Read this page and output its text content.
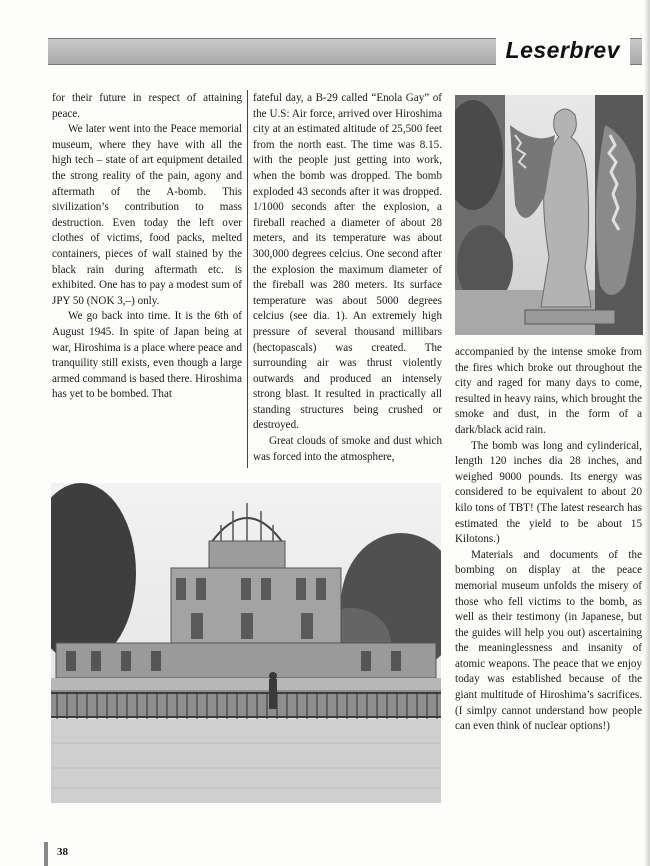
Leserbrev

for their future in respect of attaining peace.

We later went into the Peace memorial museum, where they have with all the high tech – state of art equipment detailed the strong reality of the pain, agony and aftermath of the A-bomb. This sivilization’s contribution to mass destruction. Even today the left over clothes of victims, food packs, melted containers, pieces of wall stained by the black rain during aftermath etc. is exhibited. One has to pay a modest sum of JPY 50 (NOK 3,–) only.

We go back into time. It is the 6th of August 1945. In spite of Japan being at war, Hiroshima is a place where peace and tranquility still exists, even though a large armed command is based there. Hiroshima has yet to be bombed. That

fateful day, a B-29 called “Enola Gay” of the U.S: Air force, arrived over Hiroshima city at an estimated altitude of 25,500 feet from the north east. The time was 8.15. with the people just getting into work, when the bomb was dropped. The bomb exploded 43 seconds after it was dropped. 1/1000 seconds after the explosion, a fireball reached a diameter of about 28 meters, and its temperature was about 300,000 degrees celcius. One second after the explosion the maximum diameter of the fireball was 280 meters. Its surface temperature was about 5000 degrees celcius (see dia. 1). An extremely high pressure of several thousand millibars (hectopascals) was created. The surrounding air was thrust violently outwards and produced an intensely strong blast. It resulted in practically all standing structures being crushed or destroyed.

Great clouds of smoke and dust which was forced into the atmosphere,

accompanied by the intense smoke from the fires which broke out throughout the city and raged for many days to come, resulted in heavy rains, which brought the smoke and dust, in the form of a dark/black acid rain.

The bomb was long and cylinderical, length 120 inches dia 28 inches, and weighed 9000 pounds. Its energy was considered to be equivalent to about 20 kilo tons of TBT! (The latest research has estimated the yield to be about 15 Kilotons.)

Materials and documents of the bombing on display at the peace memorial museum unfolds the misery of those who fell victims to the bomb, as well as their testimony (in Japanese, but the guides will help you out) ascertaining the meaninglessness and insanity of atomic weapons. The peace that we enjoy today was established because of the giant multitude of Hiroshima’s sacrifices. (I simlpy cannot understand how people can even think of nuclear options!)

38
